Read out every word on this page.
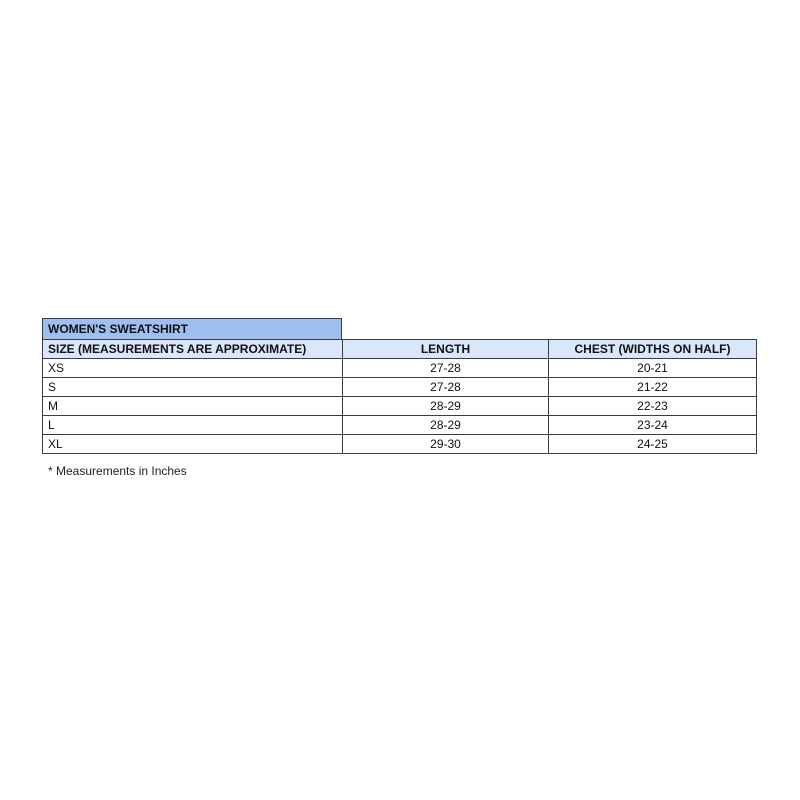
WOMEN'S SWEATSHIRT
SIZE (MEASUREMENTS ARE APPROXIMATE)	LENGTH	CHEST (WIDTHS ON HALF)
XS	27-28	20-21
S	27-28	21-22
M	28-29	22-23
L	28-29	23-24
XL	29-30	24-25
* Measurements in Inches
